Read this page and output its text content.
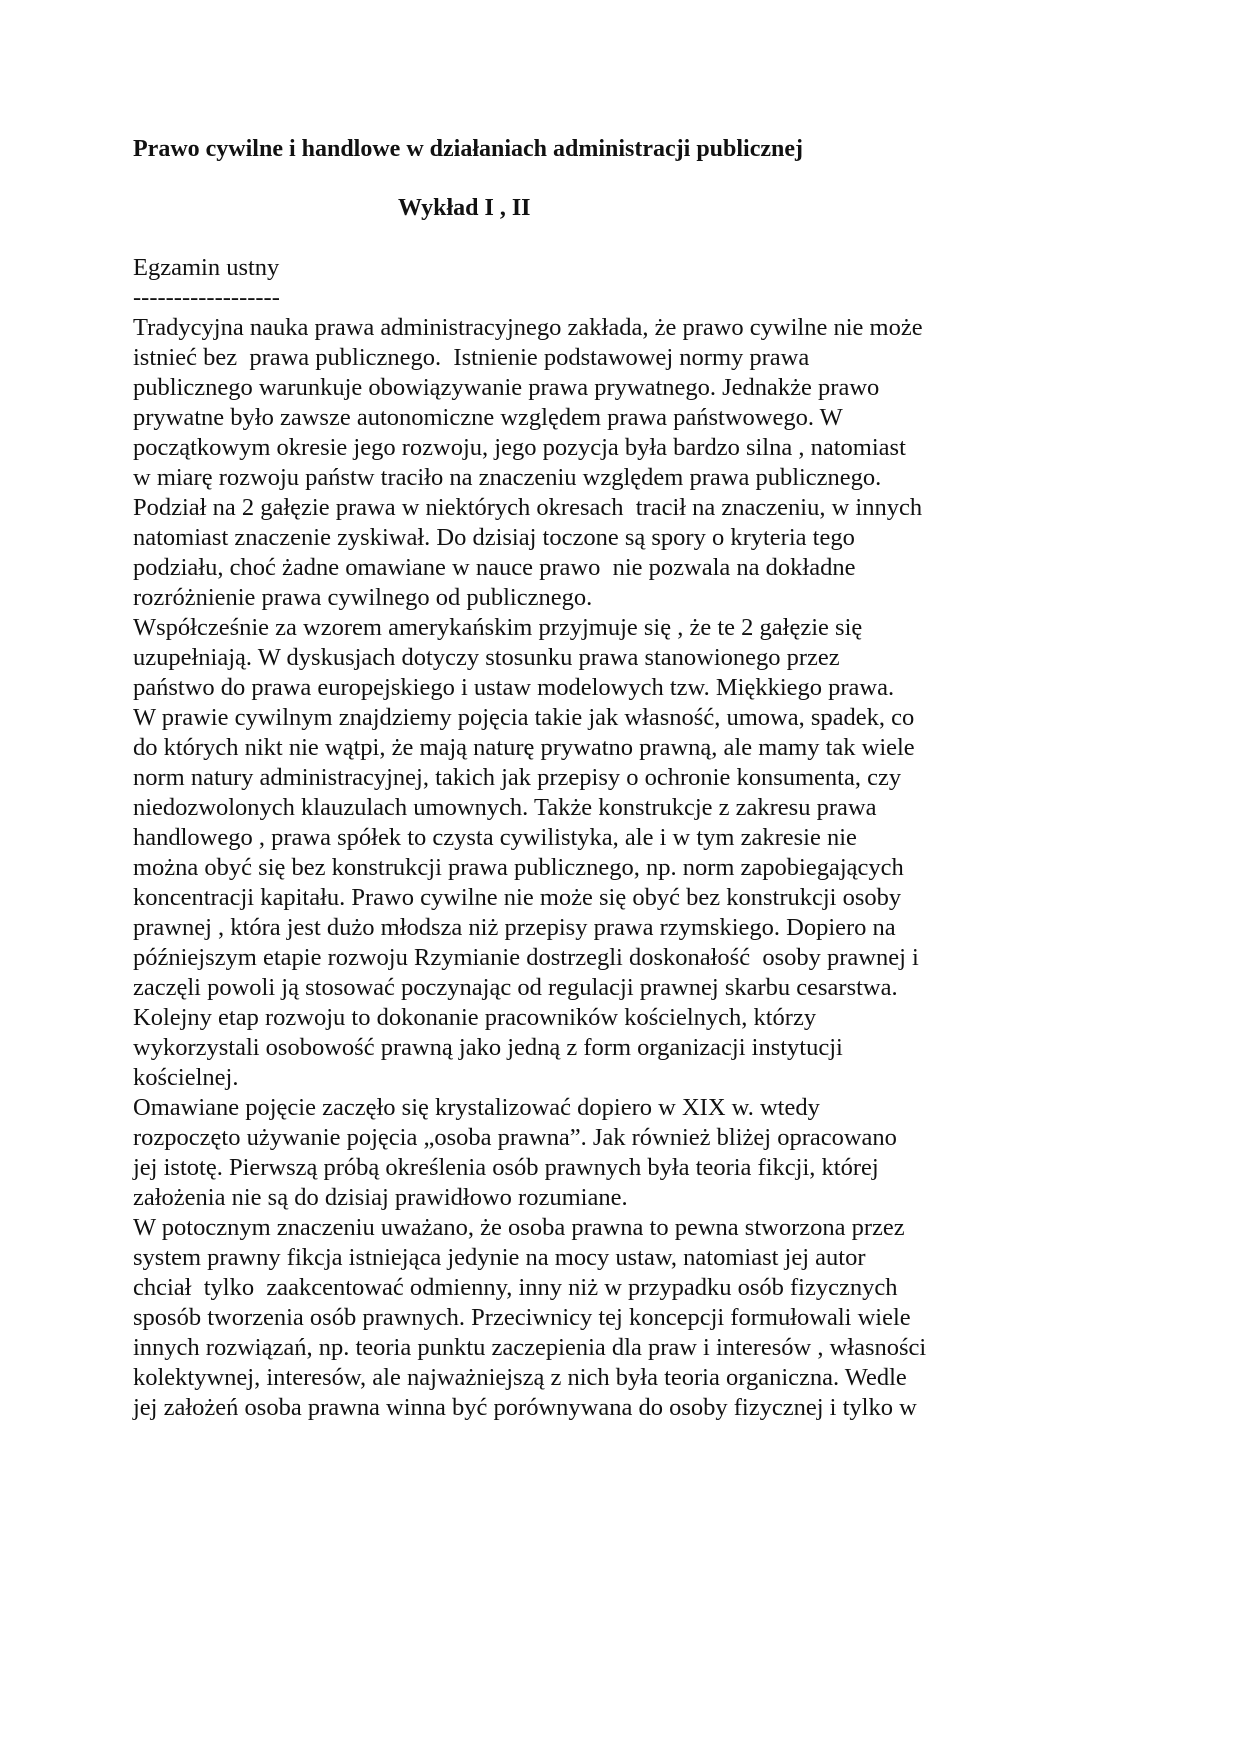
Prawo cywilne i handlowe w działaniach administracji publicznej
Wykład I , II
Egzamin ustny
------------------
Tradycyjna nauka prawa administracyjnego zakłada, że prawo cywilne nie może
istnieć bez  prawa publicznego.  Istnienie podstawowej normy prawa
publicznego warunkuje obowiązywanie prawa prywatnego. Jednakże prawo
prywatne było zawsze autonomiczne względem prawa państwowego. W
początkowym okresie jego rozwoju, jego pozycja była bardzo silna , natomiast
w miarę rozwoju państw traciło na znaczeniu względem prawa publicznego.
Podział na 2 gałęzie prawa w niektórych okresach  tracił na znaczeniu, w innych
natomiast znaczenie zyskiwał. Do dzisiaj toczone są spory o kryteria tego
podziału, choć żadne omawiane w nauce prawo  nie pozwala na dokładne
rozróżnienie prawa cywilnego od publicznego.
Współcześnie za wzorem amerykańskim przyjmuje się , że te 2 gałęzie się
uzupełniają. W dyskusjach dotyczy stosunku prawa stanowionego przez
państwo do prawa europejskiego i ustaw modelowych tzw. Miękkiego prawa.
W prawie cywilnym znajdziemy pojęcia takie jak własność, umowa, spadek, co
do których nikt nie wątpi, że mają naturę prywatno prawną, ale mamy tak wiele
norm natury administracyjnej, takich jak przepisy o ochronie konsumenta, czy
niedozwolonych klauzulach umownych. Także konstrukcje z zakresu prawa
handlowego , prawa spółek to czysta cywilistyka, ale i w tym zakresie nie
można obyć się bez konstrukcji prawa publicznego, np. norm zapobiegających
koncentracji kapitału. Prawo cywilne nie może się obyć bez konstrukcji osoby
prawnej , która jest dużo młodsza niż przepisy prawa rzymskiego. Dopiero na
późniejszym etapie rozwoju Rzymianie dostrzegli doskonałość  osoby prawnej i
zaczęli powoli ją stosować poczynając od regulacji prawnej skarbu cesarstwa.
Kolejny etap rozwoju to dokonanie pracowników kościelnych, którzy
wykorzystali osobowość prawną jako jedną z form organizacji instytucji
kościelnej.
Omawiane pojęcie zaczęło się krystalizować dopiero w XIX w. wtedy
rozpoczęto używanie pojęcia „osoba prawna”. Jak również bliżej opracowano
jej istotę. Pierwszą próbą określenia osób prawnych była teoria fikcji, której
założenia nie są do dzisiaj prawidłowo rozumiane.
W potocznym znaczeniu uważano, że osoba prawna to pewna stworzona przez
system prawny fikcja istniejąca jedynie na mocy ustaw, natomiast jej autor
chciał  tylko  zaakcentować odmienny, inny niż w przypadku osób fizycznych
sposób tworzenia osób prawnych. Przeciwnicy tej koncepcji formułowali wiele
innych rozwiązań, np. teoria punktu zaczepienia dla praw i interesów , własności
kolektywnej, interesów, ale najważniejszą z nich była teoria organiczna. Wedle
jej założeń osoba prawna winna być porównywana do osoby fizycznej i tylko w
